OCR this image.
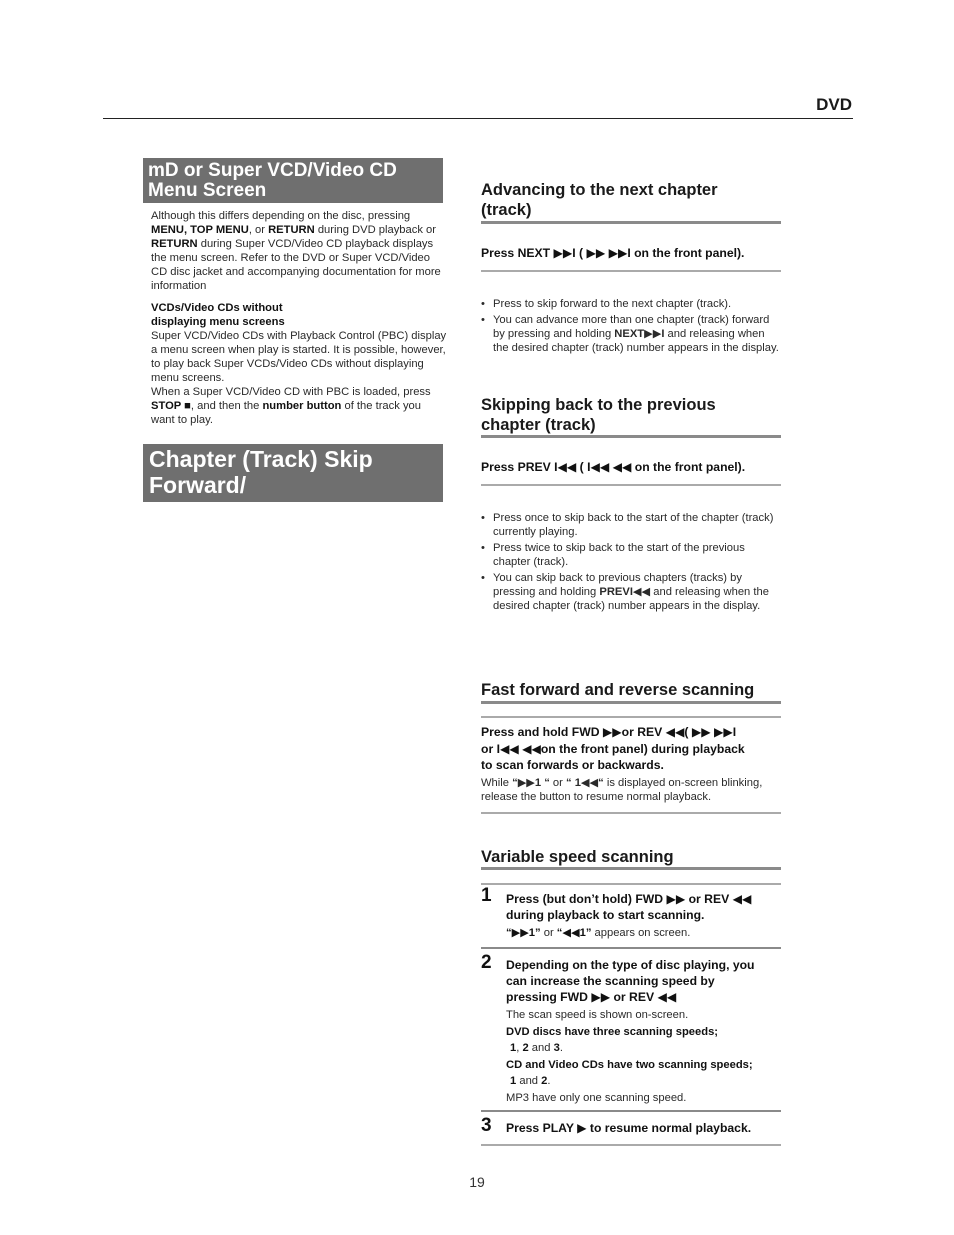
DVD
mD or Super VCD/Video CD Menu Screen
Although this differs depending on the disc, pressing MENU, TOP MENU, or RETURN during DVD playback or RETURN during Super VCD/Video CD playback displays the menu screen. Refer to the DVD or Super VCD/Video CD disc jacket and accompanying documentation for more information
VCDs/Video CDs without
displaying menu screens
Super VCD/Video CDs with Playback Control (PBC) display a menu screen when play is started. It is possible, however, to play back Super VCDs/Video CDs without displaying menu screens.
When a Super VCD/Video CD with PBC is loaded, press STOP ■, and then the number button of the track you want to play.
Chapter (Track) Skip Forward/
Skip Back – DVD/Super VCD/Video CD/CD/MP3
Advancing to the next chapter
(track)
Press NEXT ▶▶I ( ▶▶ ▶▶I on the front panel).
• Press to skip forward to the next chapter (track).
• You can advance more than one chapter (track) forward by pressing and holding NEXT▶▶I and releasing when the desired chapter (track) number appears in the display.
Skipping back to the previous
chapter (track)
Press PREV I◀◀ ( I◀◀ ◀◀ on the front panel).
• Press once to skip back to the start of the chapter (track) currently playing.
• Press twice to skip back to the start of the previous chapter (track).
• You can skip back to previous chapters (tracks) by pressing and holding PREVI◀◀ and releasing when the desired chapter (track) number appears in the display.
Fast forward and reverse scanning
Press and hold FWD ▶▶or REV ◀◀( ▶▶ ▶▶I
or I◀◀ ◀◀on the front panel) during playback
to scan forwards or backwards.
While “▶▶1 “ or “ 1◀◀“ is displayed on-screen blinking, release the button to resume normal playback.
Variable speed scanning
1 Press (but don’t hold) FWD ▶▶ or REV ◀◀
during playback to start scanning.
“▶▶1” or “◀◀1” appears on screen.
2 Depending on the type of disc playing, you
can increase the scanning speed by
pressing FWD ▶▶ or REV ◀◀
The scan speed is shown on-screen.
DVD discs have three scanning speeds;
1, 2 and 3.
CD and Video CDs have two scanning speeds;
1 and 2.
MP3 have only one scanning speed.
3 Press PLAY ▶ to resume normal playback.
19
